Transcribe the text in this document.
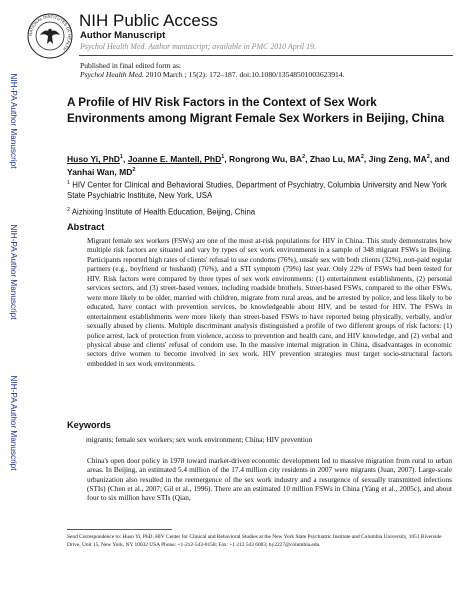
NATIONAL INSTITUTES OF HEALTH
NIH Public Access
Author Manuscript
Psychol Health Med. Author manuscript; available in PMC 2010 April 19.
Published in final edited form as:
Psychol Health Med. 2010 March ; 15(2): 172–187. doi:10.1080/13548501003623914.
NIH-PA Author Manuscript
NIH-PA Author Manuscript
NIH-PA Author Manuscript
A Profile of HIV Risk Factors in the Context of Sex Work Environments among Migrant Female Sex Workers in Beijing, China
Huso Yi, PhD$^1$, Joanne E. Mantell, PhD$^1$, Rongrong Wu, $BA^2$, Zhao Lu, $MA^2$, Jing Zeng, $MA^2$, and Yanhai Wan, $MD^2$
$^1$ HIV Center for Clinical and Behavioral Studies, Department of Psychiatry, Columbia University and New York State Psychiatric Institute, New York, USA
$^2$ Aizhixing Institute of Health Education, Beijing, China
Abstract
Migrant female sex workers (FSWs) are one of the most at-risk populations for HIV in China. This study demonstrates how multiple risk factors are situated and vary by types of sex work environments in a sample of 348 migrant FSWs in Beijing. Participants reported high rates of clients' refusal to use condoms (76%), unsafe sex with both clients (32%), non-paid regular partners (e.g., boyfriend or husband) (76%), and a STI symptom (79%) last year. Only 22% of FSWs had been tested for HIV. Risk factors were compared by three types of sex work environments: (1) entertainment establishments, (2) personal services sectors, and (3) street-based venues, including roadside brothels. Street-based FSWs, compared to the other FSWs, were more likely to be older, married with children, migrate from rural areas, and be arrested by police, and less likely to be educated, have contact with prevention services, be knowledgeable about HIV, and be tested for HIV. The FSWs in entertainment establishments were more likely than street-based FSWs to have reported being physically, verbally, and/or sexually abused by clients. Multiple discriminant analysis distinguished a profile of two different groups of risk factors: (1) police arrest, lack of protection from violence, access to prevention and health care, and HIV knowledge, and (2) verbal and physical abuse and clients' refusal of condom use. In the massive internal migration in China, disadvantages in economic sectors drive women to become involved in sex work. HIV prevention strategies must target socio-structural factors embedded in sex work environments.
Keywords
migrants; female sex workers; sex work environment; China; HIV prevention
China's open door policy in 1978 toward market-driven economic development led to massive migration from rural to urban areas. In Beijing, an estimated 5.4 million of the 17.4 million city residents in 2007 were migrants (Juan, 2007). Large-scale urbanization also resulted in the reemergence of the sex work industry and a resurgence of sexually transmitted infections (STIs) (Chen et al., 2007; Gil et al., 1996). There are an estimated 10 million FSWs in China (Yang et al., 2005c), and about four to six million have STIs (Qian,
Send Correspondence to: Huso Yi, PhD, HIV Center for Clinical and Behavioral Studies at the New York State Psychiatric Institute and Columbia University, 1051 Riverside Drive, Unit 15, New York, NY 10032 USA Phone: +1-212-543-0158; Fax: +1 212 543 6003; hy2227@columbia.edu.
